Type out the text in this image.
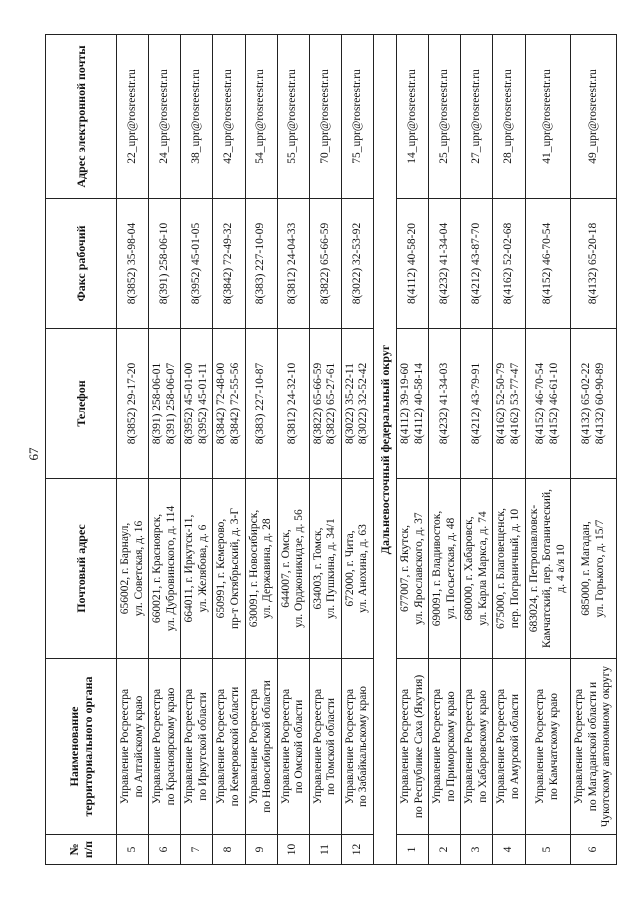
67
№ п/п	Наименование территориального органа	Почтовый адрес	Телефон	Факс рабочий	Адрес электронной почты
5	Управление Росреестра по Алтайскому краю	656002, г. Барнаул, ул. Советская, д. 16	8(3852) 29-17-20	8(3852) 35-98-04	22_upr@rosreestr.ru
6	Управление Росреестра по Красноярскому краю	660021, г. Красноярск, ул. Дубровинского, д. 114	8(391) 258-06-01 8(391) 258-06-07	8(391) 258-06-10	24_upr@rosreestr.ru
7	Управление Росреестра по Иркутской области	664011, г. Иркутск-11, ул. Желябова, д. 6	8(3952) 45-01-00 8(3952) 45-01-11	8(3952) 45-01-05	38_upr@rosreestr.ru
8	Управление Росреестра по Кемеровской области	650991, г. Кемерово, пр-т Октябрьский, д. 3-Г	8(3842) 72-48-00 8(3842) 72-55-56	8(3842) 72-49-32	42_upr@rosreestr.ru
9	Управление Росреестра по Новосибирской области	630091, г. Новосибирск, ул. Державина, д. 28	8(383) 227-10-87	8(383) 227-10-09	54_upr@rosreestr.ru
10	Управление Росреестра по Омской области	644007, г. Омск, ул. Орджоникидзе, д. 56	8(3812) 24-32-10	8(3812) 24-04-33	55_upr@rosreestr.ru
11	Управление Росреестра по Томской области	634003, г. Томск, ул. Пушкина, д. 34/1	8(3822) 65-66-59 8(3822) 65-27-61	8(3822) 65-66-59	70_upr@rosreestr.ru
12	Управление Росреестра по Забайкальскому краю	672000, г. Чита, ул. Анохина, д. 63	8(3022) 35-22-11 8(3022) 32-52-42	8(3022) 32-53-92	75_upr@rosreestr.ru
Дальневосточный федеральный округ					
1	Управление Росреестра по Республике Саха (Якутия)	677007, г. Якутск, ул. Ярославского, д. 37	8(4112) 39-19-60 8(4112) 40-58-14	8(4112) 40-58-20	14_upr@rosreestr.ru
2	Управление Росреестра по Приморскому краю	690091, г. Владивосток, ул. Посьетская, д. 48	8(4232) 41-34-03	8(4232) 41-34-04	25_upr@rosreestr.ru
3	Управление Росреестра по Хабаровскому краю	680000, г. Хабаровск, ул. Карла Маркса, д. 74	8(4212) 43-79-91	8(4212) 43-87-70	27_upr@rosreestr.ru
4	Управление Росреестра по Амурской области	675000, г. Благовещенск, пер. Пограничный, д. 10	8(4162) 52-50-79 8(4162) 53-77-47	8(4162) 52-02-68	28_upr@rosreestr.ru
5	Управление Росреестра по Камчатскому краю	683024, г. Петропавловск- Камчатский, пер. Ботанический, д. 4 а/я 10	8(4152) 46-70-54 8(4152) 46-61-10	8(4152) 46-70-54	41_upr@rosreestr.ru
6	Управление Росреестра по Магаданской области и Чукотскому автономному округу	685000, г. Магадан, ул. Горького, д. 15/7	8(4132) 65-02-22 8(4132) 60-90-89	8(4132) 65-20-18	49_upr@rosreestr.ru
